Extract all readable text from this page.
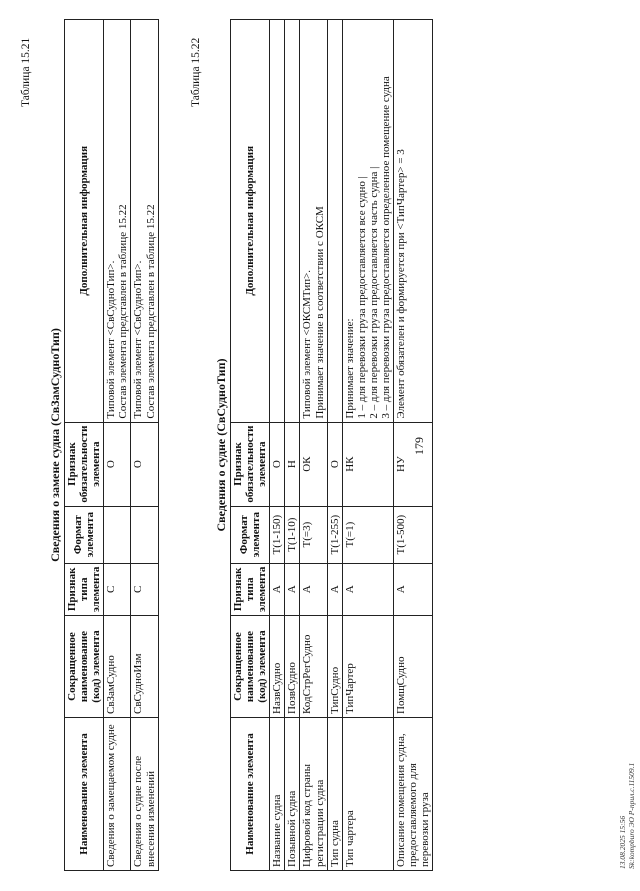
179
Таблица 15.21
Сведения о замене судна (СвЗамСудноТип)
Наименование элемента	Сокращенное наименование (код) элемента	Признак типа элемента	Формат элемента	Признак обязательности элемента	Дополнительная информация
Сведения о замещаемом судне	СвЗамСудно	С		О	Типовой элемент <СвСудноТип>. Состав элемента представлен в таблице 15.22

Сведения о судне после внесения изменений	СвСудноИзм	С		О	Типовой элемент <СвСудноТип>. Состав элемента представлен в таблице 15.22
Таблица 15.22
Сведения о судне (СвСудноТип)
Наименование элемента	Сокращенное наименование (код) элемента	Признак типа элемента	Формат элемента	Признак обязательности элемента	Дополнительная информация
Название судна	НазвСудно	А	T(1-150)	О	
Позывной судна	ПозвСудно	А	T(1-10)	Н	
Цифровой код страны регистрации судна	КодСтрРегСудно	А	T(=3)	ОК	Типовой элемент <ОКСМТип>. Принимает значение в соответствии с ОКСМ

Тип судна	ТипСудно	А	T(1-255)	О	
Тип чартера	ТипЧартер	А	T(=1)	НК	Принимает значение: 1 – для перевозки груза предоставляется все судно | 2 – для перевозки груза предоставляется часть судна | 3 – для перевозки груза предоставляется определенное помещение судна

Описание помещения судна, предоставляемого для перевозки груза	ПомщСудно	А	T(1-500)	НУ	Элемент обязателен и формируется при <ТипЧартер> = 3
13.08.2025 15:56 Sk:kompburo ЭО Р-прил.с.11509.1
